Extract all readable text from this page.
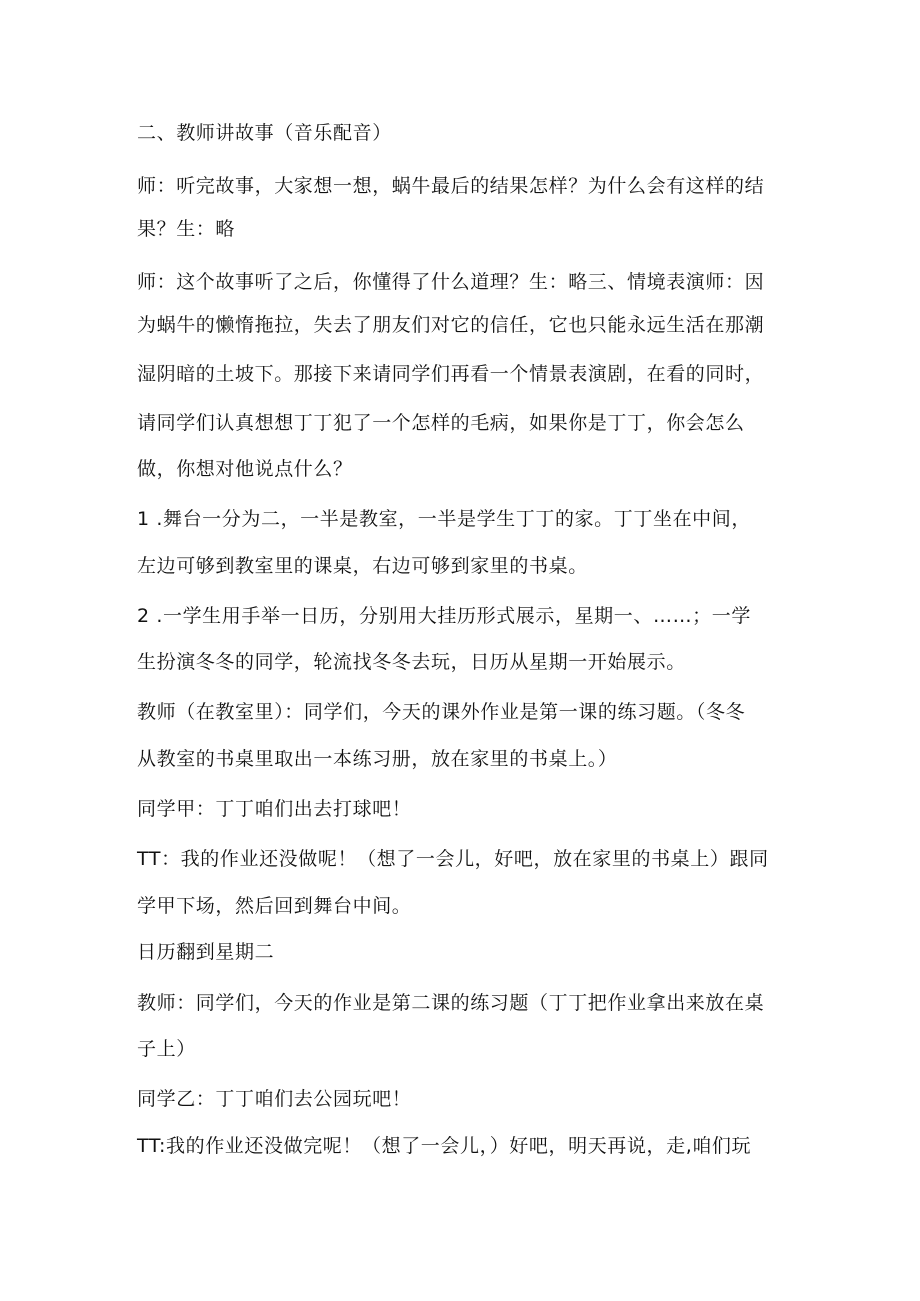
二、教师讲故事（音乐配音）
师：听完故事，大家想一想，蜗牛最后的结果怎样？为什么会有这样的结
果？生：略
师：这个故事听了之后，你懂得了什么道理？生：略三、情境表演师：因
为蜗牛的懒惰拖拉，失去了朋友们对它的信任，它也只能永远生活在那潮
湿阴暗的土坡下。那接下来请同学们再看一个情景表演剧，在看的同时，
请同学们认真想想丁丁犯了一个怎样的毛病，如果你是丁丁，你会怎么
做，你想对他说点什么？
1 .舞台一分为二，一半是教室，一半是学生丁丁的家。丁丁坐在中间，
左边可够到教室里的课桌，右边可够到家里的书桌。
2 .一学生用手举一日历，分别用大挂历形式展示，星期一、……；一学
生扮演冬冬的同学，轮流找冬冬去玩，日历从星期一开始展示。
教师（在教室里）：同学们，今天的课外作业是第一课的练习题。（冬冬
从教室的书桌里取出一本练习册，放在家里的书桌上。）
同学甲：丁丁咱们出去打球吧！
TT：我的作业还没做呢！（想了一会儿，好吧，放在家里的书桌上）跟同
学甲下场，然后回到舞台中间。
日历翻到星期二
教师：同学们，今天的作业是第二课的练习题（丁丁把作业拿出来放在桌
子上）
同学乙：丁丁咱们去公园玩吧！
TT:我的作业还没做完呢！（想了一会儿，）好吧，明天再说，走,咱们玩
